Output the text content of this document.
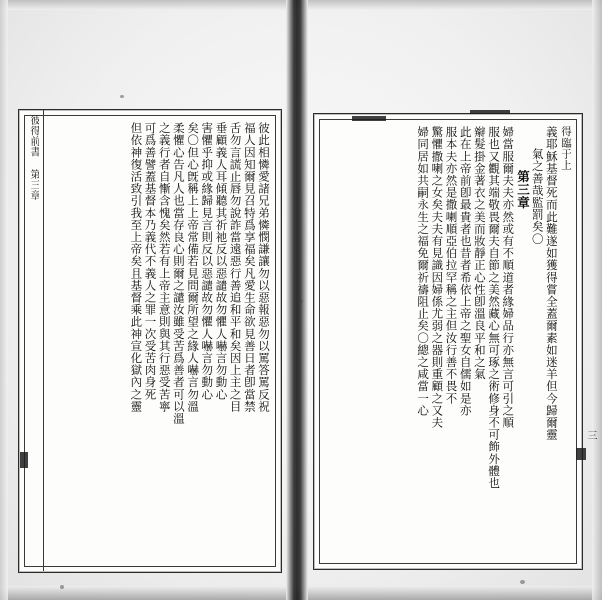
得臨于上
義耶穌基督死而此難遂如獲得嘗全蓋爾素如迷羊但今歸爾靈
氣之善哉監罰矣〇
第三章
婦當服爾夫夫亦然或有不順道者緣婦品行亦無言可引之順
服也又觀其端敬畏爾夫自節之美然藏心無可琢之術修身不可飾外體也
辮髮掛金著衣之美而妝靜正心性卽溫良平和之氣
此在上帝前卽最貴者也昔者希依上帝之聖女自儒如是亦
服本夫亦然是撒喇順亞伯拉罕稱之主但汝行善不畏不
驚懼撒喇之女矣夫夫有見識因婦係尤弱之器則重顧之又夫
婦同居如共嗣永生之福免爾祈禱阻止矣〇總之咸當一心
彼此相憐愛諸兄弟憐憫謙讓勿以惡報惡勿以罵答罵反祝
福人因知爾見召特爲享福矣凡愛生命欲見善日者卽當禁
舌勿言謊止唇勿說詐當遠惡行善追和平和矣因上主之目
垂顧義人耳傾聽其祈祂反以惡譴故勿懼人嚇言勿動心
害懼乎抑或緣歸見言則反以惡譴故勿懼人嚇言勿動心
矣〇但心旣稱上上帝常備若見問爾所望之緣人嚇言勿溫
柔懼心告凡人也當存良心則爾之譴汝雖受苦爲善者可以溫
之義行者自慚含愧矣然若有上帝主意則與其行惡受苦寧
可爲善譬蓋基督本乃義代不義人之罪一次受苦肉身死
但依神復活致引我至上帝矣且基督乘此神宣化獄內之靈
彼得前書 第三章
三
